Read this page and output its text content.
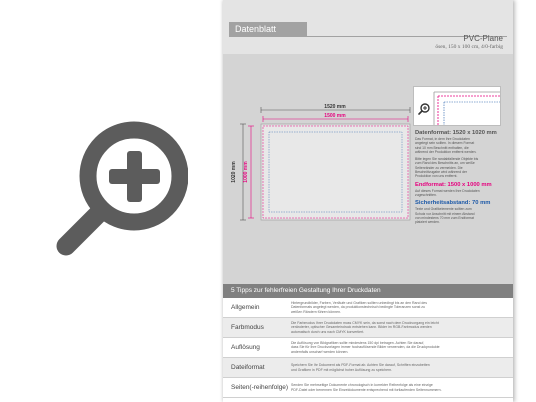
Datenblatt
PVC-Plane
ösen, 150 x 100 cm, 4/0-farbig
1520 mm
1500 mm
1020 mm 1000 mm
Datenformat: 1520 x 1020 mm
Das Format, in dem Ihre Druckdaten
angelegt sein sollten. In diesem Format
sind 10 mm Beschnitt enthalten, die
während der Produktion entfernt werden.
Bitte legen Sie randabfallende Objekte bis
zum Rand des Beschnitts an, um weiße
Seitenränder zu vermeiden. Die
Beschnittzugabe wird während der
Produktion von uns entfernt.
Endformat: 1500 x 1000 mm
Auf dieses Format werden Ihre Druckdaten
zugeschnitten.
Sicherheitsabstand: 70 mm
Texte und Grafikelemente sollten zum
Schutz vor Anschnitt mit einem Abstand
von mindestens 70 mm zum Endformat
platziert werden.
5 Tipps zur fehlerfreien Gestaltung Ihrer Druckdaten
Allgemein
Hintergrundbilder, Farben, Verläufe und Grafiken sollten unbedingt bis an den Rand des
Datenformats angelegt werden, da produktionstechnisch bedingte Toleranzen sonst zu
weißen Rändern führen können.
Farbmodus
Die Farbmodus Ihrer Druckdaten muss CMYK sein, da sonst nach dem Druckvorgang ein leicht
veränderter, optischer Gesamteindruck entstehen kann. Bilder im RGB-Farbmodus werden
automatisch durch uns nach CMYK konvertiert.
Auflösung
Die Auflösung von Bildgrafiken sollte mindestens 150 dpi betragen. Achten Sie darauf,
dass Sie für Ihre Druckvorlagen immer hochauflösende Bilder verwenden, da die Druckprodukte
andernfalls unscharf werden können.
Dateiformat	Speichern Sie Ihr Dokument als PDF-Format ab. Achten Sie darauf, Schriften einzubetten
und Grafiken in PDF mit möglichst hoher Auflösung zu speichern.
Seiten(-reihenfolge) Senden Sie mehrseitige Dokumente chronologisch in korrekter Reihenfolge als eine einzige
PDF-Datei oder benennen Sie Einzeldokumente entsprechend mit fortlaufenden Seitennummern.
